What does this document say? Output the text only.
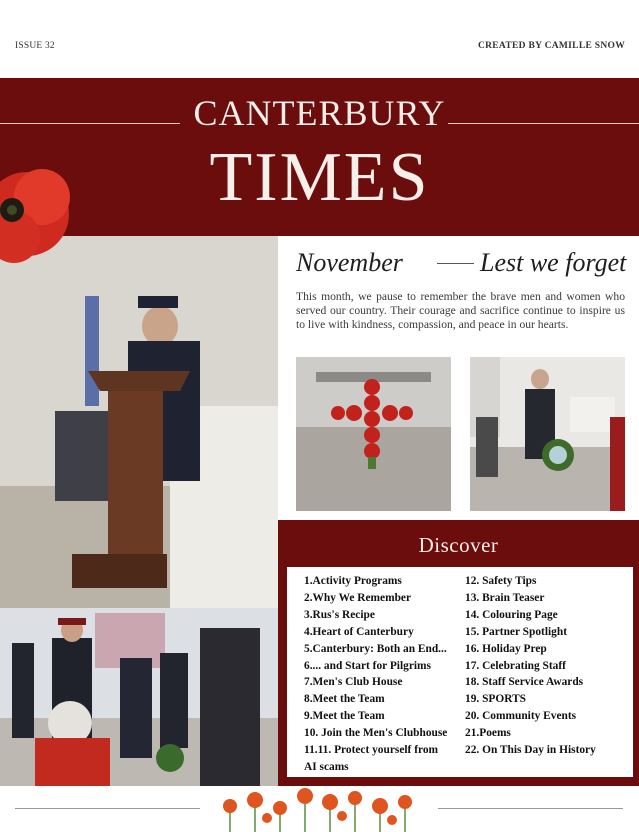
ISSUE 32	CREATED BY CAMILLE SNOW
CANTERBURY
TIMES
November	Lest we forget

This month, we pause to remember the brave men and women who served our country. Their courage and sacrifice continue to inspire us to live with kindness, compassion, and peace in our hearts.

Discover
1.Activity Programs
2.Why We Remember
3.Rus's Recipe
4.Heart of Canterbury
5.Canterbury: Both an End...
6.... and Start for Pilgrims
7.Men's Club House
8.Meet the Team
9.Meet the Team
10. Join the Men's Clubhouse
11.11. Protect yourself from
AI scams
12. Safety Tips
13. Brain Teaser
14. Colouring Page
15. Partner Spotlight
16. Holiday Prep
17. Celebrating Staff
18. Staff Service Awards
19. SPORTS
20. Community Events
21.Poems
22. On This Day in History
